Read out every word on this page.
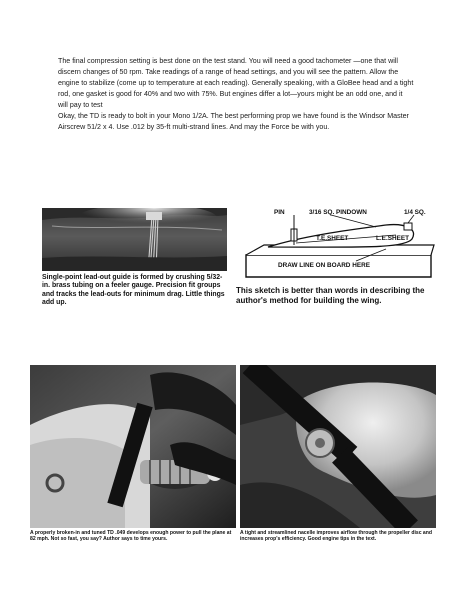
The final compression setting is best done on the test stand. You will need a good tachometer —one that will discern changes of 50 rpm. Take readings of a range of head settings, and you will see the pattern. Allow the engine to stabilize (come up to temperature at each reading). Generally speaking, with a GloBee head and a tight rod, one gasket is good for 40% and two with 75%. But engines differ a lot—yours might be an odd one, and it will pay to test

Okay, the TD is ready to bolt in your Mono 1/2A. The best performing prop we have found is the Windsor Master Airscrew 51/2 x 4. Use .012 by 35-ft multi-strand lines. And may the Force be with you.

Single-point lead-out guide is formed by crushing 5/32-in. brass tubing on a feeler gauge. Precision fit groups and tracks the lead-outs for minimum drag. Little things add up.
PIN	3/16 SQ. PINDOWN	1/4 SQ.
T.E.SHEET	L.E.SHEET
DRAW LINE ON BOARD HERE
This sketch is better than words in describing the author's method for building the wing.
A properly broken-in and tuned TD .049 develops enough power to pull the plane at 82 mph. Not so fast, you say? Author says to time yours.
A tight and streamlined nacelle improves airflow through the propeller disc and increases prop's efficiency. Good engine tips in the text.
